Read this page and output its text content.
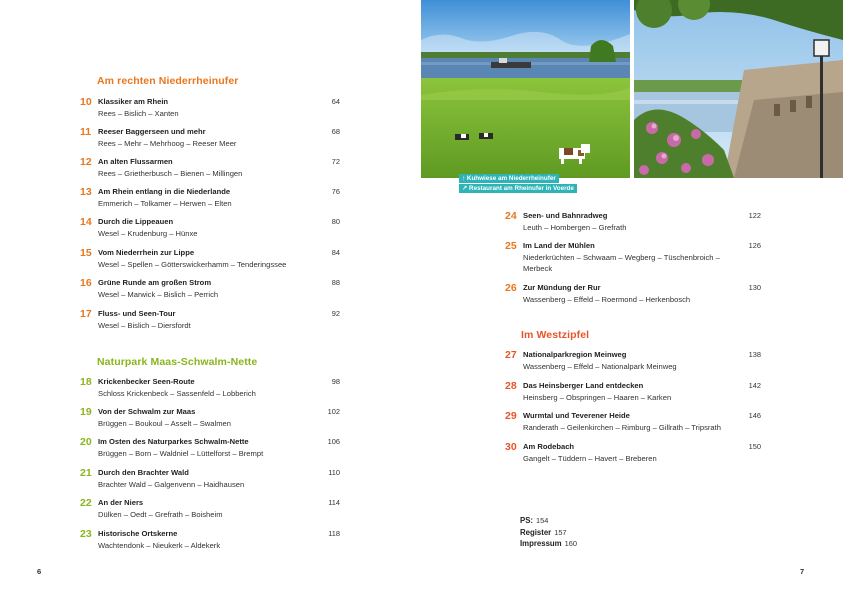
Am rechten Niederrheinufer
10 Klassiker am Rhein	64
Rees – Bislich – Xanten
11 Reeser Baggerseen und mehr	68
Rees – Mehr – Mehrhoog – Reeser Meer
12 An alten Flussarmen	72
Rees – Grietherbusch – Bienen – Millingen
13 Am Rhein entlang in die Niederlande	76
Emmerich – Tolkamer – Herwen – Elten
14 Durch die Lippeauen	80
Wesel – Krudenburg – Hünxe
15 Vom Niederrhein zur Lippe	84
Wesel – Spellen – Götterswickerhamm – Tenderingssee
16 Grüne Runde am großen Strom	88
Wesel – Marwick – Bislich – Perrich
17 Fluss- und Seen-Tour	92
Wesel – Bislich – Diersfordt
Naturpark Maas-Schwalm-Nette
18 Krickenbecker Seen-Route	98
Schloss Krickenbeck – Sassenfeld – Lobberich
19 Von der Schwalm zur Maas	102
Brüggen – Boukoul – Asselt – Swalmen
20 Im Osten des Naturparkes Schwalm-Nette	106
Brüggen – Born – Waldniel – Lüttelforst – Brempt
21 Durch den Brachter Wald	110
Brachter Wald – Galgenvenn – Haidhausen
22 An der Niers	114
Dülken – Oedt – Grefrath – Boisheim
23 Historische Ortskerne	118
Wachtendonk – Nieukerk – Aldekerk
6
↑ Kuhwiese am Niederrheinufer
↗ Restaurant am Rheinufer in Voerde
24 Seen- und Bahnradweg	122
Leuth – Hombergen – Grefrath
25 Im Land der Mühlen	126
Niederkrüchten – Schwaam – Wegberg – Tüschenbroich –
Merbeck
26 Zur Mündung der Rur	130
Wassenberg – Effeld – Roermond – Herkenbosch
Im Westzipfel
27 Nationalparkregion Meinweg	138
Wassenberg – Effeld – Nationalpark Meinweg
28 Das Heinsberger Land entdecken	142
Heinsberg – Obspringen – Haaren – Karken
29 Wurmtal und Teverener Heide	146
Randerath – Geilenkirchen – Rimburg – Gillrath – Tripsrath
30 Am Rodebach	150
Gangelt – Tüddern – Havert – Breberen
PS: 154
Register 157
Impressum 160
7
